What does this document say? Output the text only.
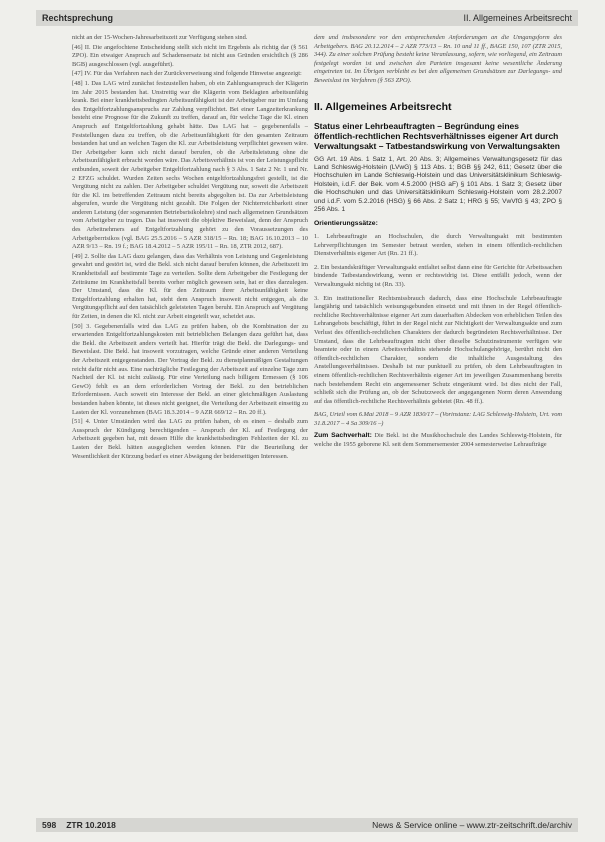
Rechtsprechung	II. Allgemeines Arbeitsrecht

nicht an der 15-Wochen-Jahresarbeitszeit zur Verfügung stehen sind.

[46] II. Die angefochtene Entscheidung stellt sich nicht im Ergebnis als richtig dar (§ 561 ZPO). Ein etwaiger Anspruch auf Schadensersatz ist nicht aus Gründen ersichtlich (§ 286 BGB) ausgeschlossen (vgl. ausgeführt).

[47] IV. Für das Verfahren nach der Zurückverweisung sind folgende Hinweise angezeigt:

[48] 1. Das LAG wird zunächst festzustellen haben, ob ein Zahlungsanspruch der Klägerin im Jahr 2015 bestanden hat. Unstreitig war die Klägerin vom Beklagten arbeitsunfähig krank. Bei einer krankheitsbedingten Arbeitsunfähigkeit ist der Arbeitgeber nur im Umfang des Entgeltfortzahlungsanspruchs zur Zahlung verpflichtet. Bei einer Langzeiterkrankung besteht eine Prognose für die Zukunft zu treffen, darauf an, für welche Tage die Kl. einen Anspruch auf Entgeltfortzahlung gehabt hätte. Das LAG hat – gegebenenfalls – Feststellungen dazu zu treffen, ob die Arbeitsunfähigkeit für den gesamten Zeitraum bestanden hat und an welchen Tagen die Kl. zur Arbeitsleistung verpflichtet gewesen wäre. Der Arbeitgeber kann sich nicht darauf berufen, ob die Arbeitsleistung ohne die Arbeitsunfähigkeit erbracht worden wäre. Das Arbeitsverhältnis ist von der Leistungspflicht entbunden, soweit der Arbeitgeber Entgeltfortzahlung nach § 3 Abs. 1 Satz 2 Nr. 1 und Nr. 2 EFZG schuldet. Wurden Zeiten sechs Wochen entgeltfortzahlungsfrei gestellt, ist die Vergütung nicht zu zahlen. Der Arbeitgeber schuldet Vergütung nur, soweit die Arbeitszeit für die Kl. im betreffenden Zeitraum nicht bereits abgegolten ist. Da zur Arbeitsleistung abgerufen, wurde die Vergütung nicht gezahlt. Die Folgen der Nichterreichbarkeit einer anderen Leistung (der sogenannten Betriebsrisikolehre) sind nach allgemeinen Grundsätzen vom Arbeitgeber zu tragen. Das hat insoweit die objektive Beweislast, denn der Anspruch des Arbeitnehmers auf Entgeltfortzahlung gehört zu den Voraussetzungen des Arbeitgeberrisikos (vgl. BAG 25.5.2016 – 5 AZR 318/15 – Rn. 18; BAG 16.10.2013 – 10 AZR 9/13 – Rn. 19 f.; BAG 18.4.2012 – 5 AZR 195/11 – Rn. 18, ZTR 2012, 687).

[49] 2. Sollte das LAG dazu gelangen, dass das Verhältnis von Leistung und Gegenleistung gewahrt und gestört ist, wird die Bekl. sich nicht darauf berufen können, die Arbeitszeit im Krankheitsfall auf bestimmte Tage zu verteilen. Sollte dem Arbeitgeber die Festlegung der Zeiträume im Krankheitsfall bereits vorher möglich gewesen sein, hat er dies darzulegen. Der Umstand, dass die Kl. für den Zeitraum ihrer Arbeitsunfähigkeit keine Entgeltfortzahlung erhalten hat, steht dem Anspruch insoweit nicht entgegen, als die Vergütungspflicht auf den tatsächlich geleisteten Tagen beruht. Ein Anspruch auf Vergütung für Zeiten, in denen die Kl. nicht zur Arbeit eingeteilt war, scheidet aus.

[50] 3. Gegebenenfalls wird das LAG zu prüfen haben, ob die Kombination der zu erwartenden Entgeltfortzahlungskosten mit betrieblichen Belangen dazu geführt hat, dass die Bekl. die Arbeitszeit anders verteilt hat. Hierfür trägt die Bekl. die Darlegungs- und Beweislast. Die Bekl. hat insoweit vorzutragen, welche Gründe einer anderen Verteilung der Arbeitszeit entgegenstanden. Der Vortrag der Bekl. zu dienstplanmäßigen Gestaltungen reicht dafür nicht aus. Eine nachträgliche Festlegung der Arbeitszeit auf einzelne Tage zum Nachteil der Kl. ist nicht zulässig. Für eine Verteilung nach billigem Ermessen (§ 106 GewO) fehlt es an dem erforderlichen Vortrag der Bekl. zu den betrieblichen Erfordernissen. Auch soweit ein Interesse der Bekl. an einer gleichmäßigen Auslastung bestanden haben könnte, ist dieses nicht geeignet, die Verteilung der Arbeitszeit einseitig zu Lasten der Kl. vorzunehmen (BAG 18.3.2014 – 9 AZR 669/12 – Rn. 20 ff.).

[51] 4. Unter Umständen wird das LAG zu prüfen haben, ob es einen – deshalb zum Ausspruch der Kündigung berechtigenden – Anspruch der Kl. auf Festlegung der Arbeitszeit gegeben hat, mit dessen Hilfe die krankheitsbedingten Fehlzeiten der Kl. zu Lasten der Bekl. hätten ausgeglichen werden können. Für die Beurteilung der Wesentlichkeit der Kürzung bedarf es einer Abwägung der beiderseitigen Interessen.

dem und insbesondere vor den entsprechenden Anforderungen an die Umgangsform des Arbeitgebers. BAG 20.12.2014 – 2 AZR 773/13 – Rn. 10 und 11 ff., BAGE 150, 107 (ZTR 2015, 344). Zu einer solchen Prüfung besteht keine Veranlassung, sofern, wie vorliegend, ein Zeitraum festgelegt worden ist und zwischen den Parteien insgesamt keine wesentliche Änderung eingetreten ist. Im Übrigen verbleibt es bei den allgemeinen Grundsätzen zur Darlegungs- und Beweislast im Verfahren (§ 563 ZPO).

II. Allgemeines Arbeitsrecht
Status einer Lehrbeauftragten – Begründung eines öffentlich-rechtlichen Rechtsverhältnisses eigener Art durch Verwaltungsakt – Tatbestandswirkung von Verwaltungsakten
GG Art. 19 Abs. 1 Satz 1, Art. 20 Abs. 3; Allgemeines Verwaltungsgesetz für das Land Schleswig-Holstein (LVwG) § 113 Abs. 1; BGB §§ 242, 611; Gesetz über die Hochschulen im Lande Schleswig-Holstein und das Universitätsklinikum Schleswig-Holstein, i.d.F. der Bek. vom 4.5.2000 (HSG aF) § 101 Abs. 1 Satz 3; Gesetz über die Hochschulen und das Universitätsklinikum Schleswig-Holstein vom 28.2.2007 und i.d.F. vom 5.2.2016 (HSG) § 66 Abs. 2 Satz 1; HRG § 55; VwVfG § 43; ZPO § 256 Abs. 1
Orientierungssätze:

1. Lehrbeauftragte an Hochschulen, die durch Verwaltungsakt mit bestimmten Lehrverpflichtungen im Semester betraut werden, stehen in einem öffentlich-rechtlichen Dienstverhältnis eigener Art (Rn. 21 ff.).

2. Ein bestandskräftiger Verwaltungsakt entfaltet selbst dann eine für Gerichte für Arbeitssachen bindende Tatbestandswirkung, wenn er rechtswidrig ist. Diese entfällt jedoch, wenn der Verwaltungsakt nichtig ist (Rn. 33).

3. Ein institutioneller Rechtsmissbrauch dadurch, dass eine Hochschule Lehrbeauftragte langjährig und tatsächlich weisungsgebunden einsetzt und mit ihnen in der Regel öffentlich-rechtliche Rechtsverhältnisse eigener Art zum dauerhaften Abdecken von erheblichen Teilen des Lehrangebots beschäftigt, führt in der Regel nicht zur Nichtigkeit der Verwaltungsakte und zum Verlust des öffentlich-rechtlichen Charakters der dadurch begründeten Rechtsverhältnisse. Der Umstand, dass die Lehrbeauftragten nicht über dieselbe Schutzinstrumente verfügen wie beamtete oder in einem Arbeitsverhältnis stehende Hochschulangehörige, berührt nicht den öffentlich-rechtlichen Charakter, sondern die inhaltliche Ausgestaltung des Anstellungsverhältnisses. Deshalb ist nur punktuell zu prüfen, ob dem Lehrbeauftragten in einem öffentlich-rechtlichen Rechtsverhältnis eigener Art im jeweiligen Zusammenhang bereits nach bestehendem Recht ein angemessener Schutz eingeräumt wird. Ist dies nicht der Fall, schließt sich die Prüfung an, ob der Schutzzweck der angegangenen Norm deren Anwendung auf das öffentlich-rechtliche Rechtsverhältnis gebietet (Rn. 48 ff.).

BAG, Urteil vom 6.Mai 2018 – 9 AZR 1830/17 – (Vorinstanz: LAG Schleswig-Holstein, Urt. vom 31.8.2017 – 4 Sa 309/16 –)

Zum Sachverhalt: Die Bekl. ist die Musikhochschule des Landes Schleswig-Holstein, für welche die 1955 geborene Kl. seit dem Sommersemester 2004 semesterweise Lehraufträge

598 ZTR 10.2018	News & Service online – www.ztr-zeitschrift.de/archiv
